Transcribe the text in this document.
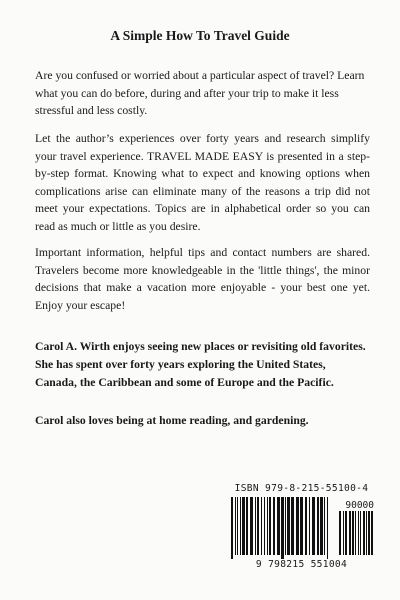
A Simple How To Travel Guide

Are you confused or worried about a particular aspect of travel? Learn what you can do before, during and after your trip to make it less stressful and less costly.

Let the author’s experiences over forty years and research simplify your travel experience. TRAVEL MADE EASY is presented in a step-by-step format. Knowing what to expect and knowing options when complications arise can eliminate many of the reasons a trip did not meet your expectations. Topics are in alphabetical order so you can read as much or little as you desire.

Important information, helpful tips and contact numbers are shared. Travelers become more knowledgeable in the 'little things', the minor decisions that make a vacation more enjoyable - your best one yet. Enjoy your escape!

Carol A. Wirth enjoys seeing new places or revisiting old favorites. She has spent over forty years exploring the United States, Canada, the Caribbean and some of Europe and the Pacific.

Carol also loves being at home reading, and gardening.

ISBN 979-8-215-55100-4
90000
9 798215 551004
